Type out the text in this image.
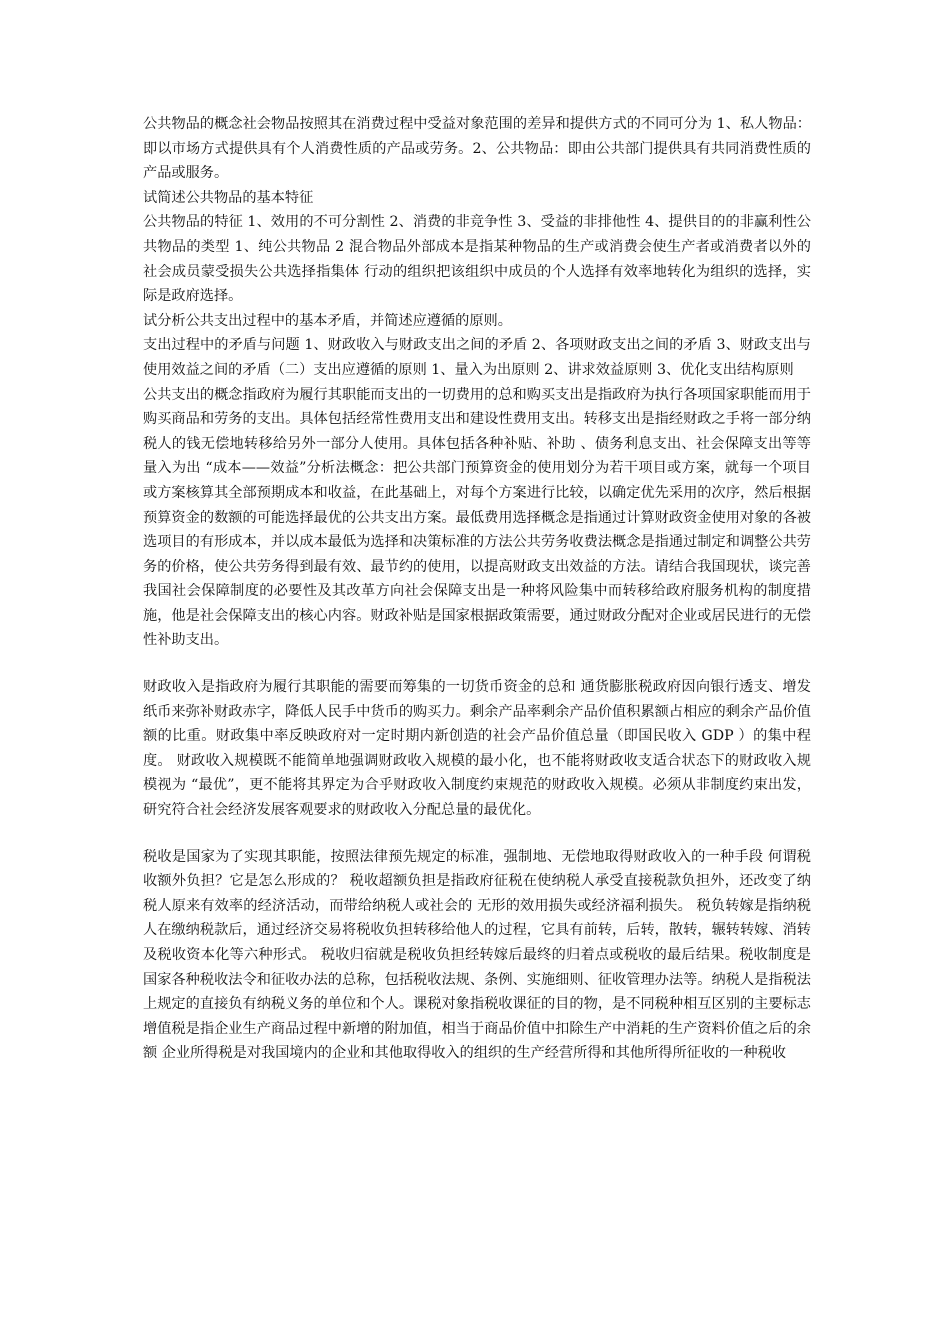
公共物品的概念社会物品按照其在消费过程中受益对象范围的差异和提供方式的不同可分为 1、私人物品：即以市场方式提供具有个人消费性质的产品或劳务。2、公共物品：即由公共部门提供具有共同消费性质的产品或服务。

试简述公共物品的基本特征

公共物品的特征 1、效用的不可分割性 2、消费的非竞争性 3、受益的非排他性 4、提供目的的非赢利性公共物品的类型 1、纯公共物品 2 混合物品外部成本是指某种物品的生产或消费会使生产者或消费者以外的社会成员蒙受损失公共选择指集体 行动的组织把该组织中成员的个人选择有效率地转化为组织的选择，实际是政府选择。

试分析公共支出过程中的基本矛盾，并简述应遵循的原则。

支出过程中的矛盾与问题 1、财政收入与财政支出之间的矛盾 2、各项财政支出之间的矛盾 3、财政支出与使用效益之间的矛盾（二）支出应遵循的原则 1、量入为出原则 2、讲求效益原则 3、优化支出结构原则

公共支出的概念指政府为履行其职能而支出的一切费用的总和购买支出是指政府为执行各项国家职能而用于购买商品和劳务的支出。具体包括经常性费用支出和建设性费用支出。转移支出是指经财政之手将一部分纳税人的钱无偿地转移给另外一部分人使用。具体包括各种补贴、补助 、债务利息支出、社会保障支出等等量入为出 “成本——效益”分析法概念：把公共部门预算资金的使用划分为若干项目或方案，就每一个项目或方案核算其全部预期成本和收益，在此基础上，对每个方案进行比较，以确定优先采用的次序，然后根据预算资金的数额的可能选择最优的公共支出方案。最低费用选择概念是指通过计算财政资金使用对象的各被选项目的有形成本，并以成本最低为选择和决策标准的方法公共劳务收费法概念是指通过制定和调整公共劳务的价格，使公共劳务得到最有效、最节约的使用，以提高财政支出效益的方法。请结合我国现状，谈完善我国社会保障制度的必要性及其改革方向社会保障支出是一种将风险集中而转移给政府服务机构的制度措施，他是社会保障支出的核心内容。财政补贴是国家根据政策需要，通过财政分配对企业或居民进行的无偿性补助支出。

财政收入是指政府为履行其职能的需要而筹集的一切货币资金的总和 通货膨胀税政府因向银行透支、增发纸币来弥补财政赤字，降低人民手中货币的购买力。剩余产品率剩余产品价值积累额占相应的剩余产品价值额的比重。财政集中率反映政府对一定时期内新创造的社会产品价值总量（即国民收入 GDP ）的集中程度。 财政收入规模既不能简单地强调财政收入规模的最小化，也不能将财政收支适合状态下的财政收入规模视为 “最优”，更不能将其界定为合乎财政收入制度约束规范的财政收入规模。必须从非制度约束出发，研究符合社会经济发展客观要求的财政收入分配总量的最优化。

税收是国家为了实现其职能，按照法律预先规定的标准，强制地、无偿地取得财政收入的一种手段 何谓税收额外负担？它是怎么形成的？ 税收超额负担是指政府征税在使纳税人承受直接税款负担外，还改变了纳税人原来有效率的经济活动，而带给纳税人或社会的 无形的效用损失或经济福利损失。 税负转嫁是指纳税人在缴纳税款后，通过经济交易将税收负担转移给他人的过程，它具有前转，后转，散转，辗转转嫁、消转及税收资本化等六种形式。 税收归宿就是税收负担经转嫁后最终的归着点或税收的最后结果。税收制度是国家各种税收法令和征收办法的总称，包括税收法规、条例、实施细则、征收管理办法等。纳税人是指税法上规定的直接负有纳税义务的单位和个人。课税对象指税收课征的目的物，是不同税种相互区别的主要标志 增值税是指企业生产商品过程中新增的附加值，相当于商品价值中扣除生产中消耗的生产资料价值之后的余额 企业所得税是对我国境内的企业和其他取得收入的组织的生产经营所得和其他所得所征收的一种税收
